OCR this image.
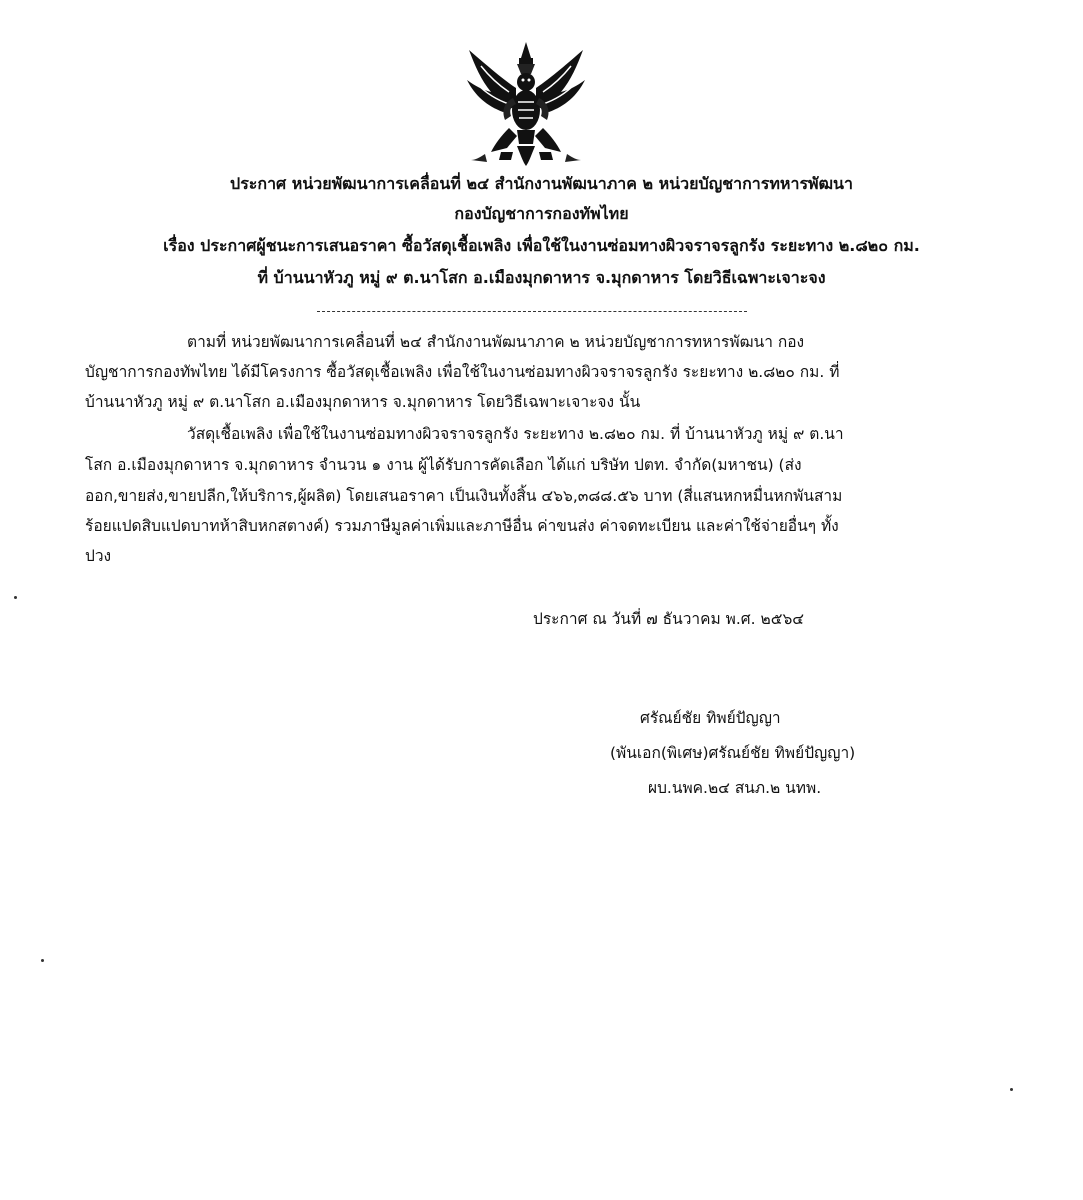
ประกาศ หน่วยพัฒนาการเคลื่อนที่ ๒๔ สำนักงานพัฒนาภาค ๒ หน่วยบัญชาการทหารพัฒนา
กองบัญชาการกองทัพไทย
เรื่อง ประกาศผู้ชนะการเสนอราคา ซื้อวัสดุเชื้อเพลิง เพื่อใช้ในงานซ่อมทางผิวจราจรลูกรัง ระยะทาง ๒.๘๒๐ กม.
ที่ บ้านนาหัวภู หมู่ ๙ ต.นาโสก อ.เมืองมุกดาหาร จ.มุกดาหาร โดยวิธีเฉพาะเจาะจง
ตามที่ หน่วยพัฒนาการเคลื่อนที่ ๒๔ สำนักงานพัฒนาภาค ๒ หน่วยบัญชาการทหารพัฒนา กอง
บัญชาการกองทัพไทย ได้มีโครงการ ซื้อวัสดุเชื้อเพลิง เพื่อใช้ในงานซ่อมทางผิวจราจรลูกรัง ระยะทาง ๒.๘๒๐ กม. ที่
บ้านนาหัวภู หมู่ ๙ ต.นาโสก อ.เมืองมุกดาหาร จ.มุกดาหาร โดยวิธีเฉพาะเจาะจง นั้น
วัสดุเชื้อเพลิง เพื่อใช้ในงานซ่อมทางผิวจราจรลูกรัง ระยะทาง ๒.๘๒๐ กม. ที่ บ้านนาหัวภู หมู่ ๙ ต.นา
โสก อ.เมืองมุกดาหาร จ.มุกดาหาร จำนวน ๑ งาน ผู้ได้รับการคัดเลือก ได้แก่ บริษัท ปตท. จำกัด(มหาชน) (ส่ง
ออก,ขายส่ง,ขายปลีก,ให้บริการ,ผู้ผลิต) โดยเสนอราคา เป็นเงินทั้งสิ้น ๔๖๖,๓๘๘.๕๖ บาท (สี่แสนหกหมื่นหกพันสาม
ร้อยแปดสิบแปดบาทห้าสิบหกสตางค์) รวมภาษีมูลค่าเพิ่มและภาษีอื่น ค่าขนส่ง ค่าจดทะเบียน และค่าใช้จ่ายอื่นๆ ทั้ง
ปวง
ประกาศ ณ วันที่ ๗ ธันวาคม พ.ศ. ๒๕๖๔
ศรัณย์ชัย ทิพย์ปัญญา
(พันเอก(พิเศษ)ศรัณย์ชัย ทิพย์ปัญญา)
ผบ.นพค.๒๔ สนภ.๒ นทพ.
